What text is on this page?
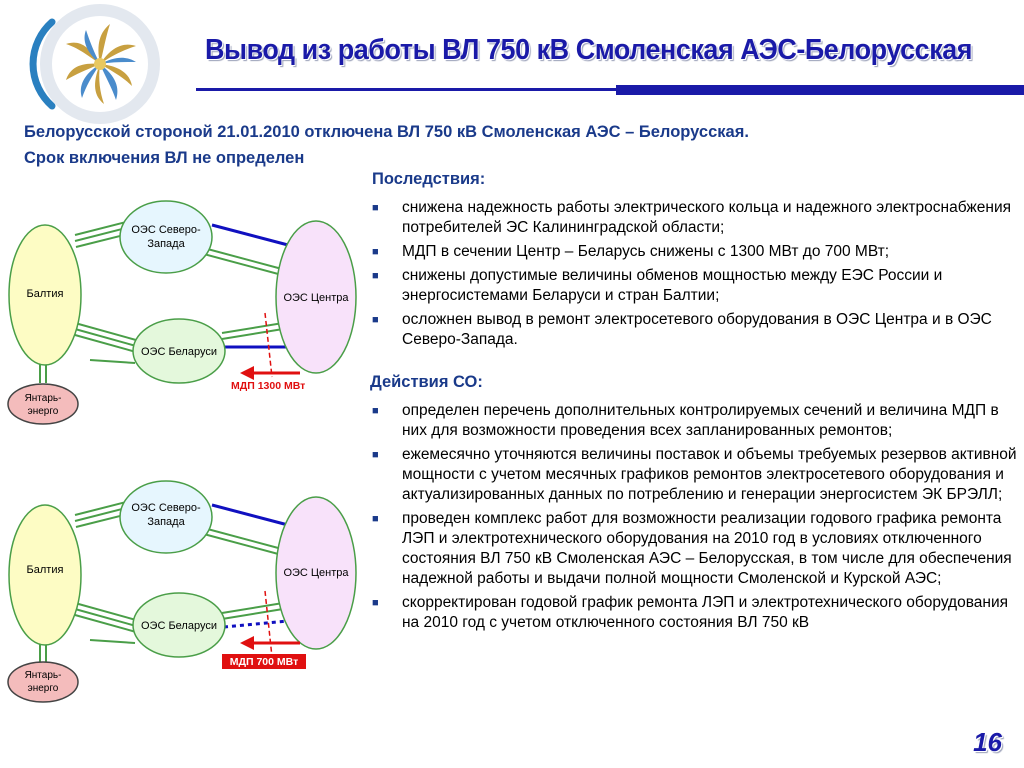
Вывод из работы ВЛ 750 кВ Смоленская АЭС-Белорусская
Белорусской стороной 21.01.2010 отключена ВЛ 750 кВ Смоленская АЭС – Белорусская.
Срок включения ВЛ не определен
Балтия
ОЭС Северо-
Запада
ОЭС Центра
ОЭС Беларуси
Янтарь-
энерго
МДП 1300 МВт
Балтия
ОЭС Северо-
Запада
ОЭС Центра
ОЭС Беларуси
Янтарь-
энерго
МДП 700 МВт
Последствия:
■ снижена надежность работы электрического кольца и надежного электроснабжения потребителей ЭС Калининградской области;
■ МДП в сечении Центр – Беларусь снижены с 1300 МВт до 700 МВт;
■ снижены допустимые величины обменов мощностью между ЕЭС России и энергосистемами Беларуси и стран Балтии;
■ осложнен вывод в ремонт электросетевого оборудования в ОЭС Центра и в ОЭС Северо-Запада.
Действия СО:
■ определен перечень дополнительных контролируемых сечений и величина МДП в них для возможности проведения всех запланированных ремонтов;
■ ежемесячно уточняются величины поставок и объемы требуемых резервов активной мощности с учетом месячных графиков ремонтов электросетевого оборудования и актуализированных данных по потреблению и генерации энергосистем ЭК БРЭЛЛ;
■ проведен комплекс работ для возможности реализации годового графика ремонта ЛЭП и электротехнического оборудования на 2010 год в условиях отключенного состояния ВЛ 750 кВ Смоленская АЭС – Белорусская, в том числе для обеспечения надежной работы и выдачи полной мощности Смоленской и Курской АЭС;
■ скорректирован годовой график ремонта ЛЭП и электротехнического оборудования на 2010 год с учетом отключенного состояния ВЛ 750 кВ
16
